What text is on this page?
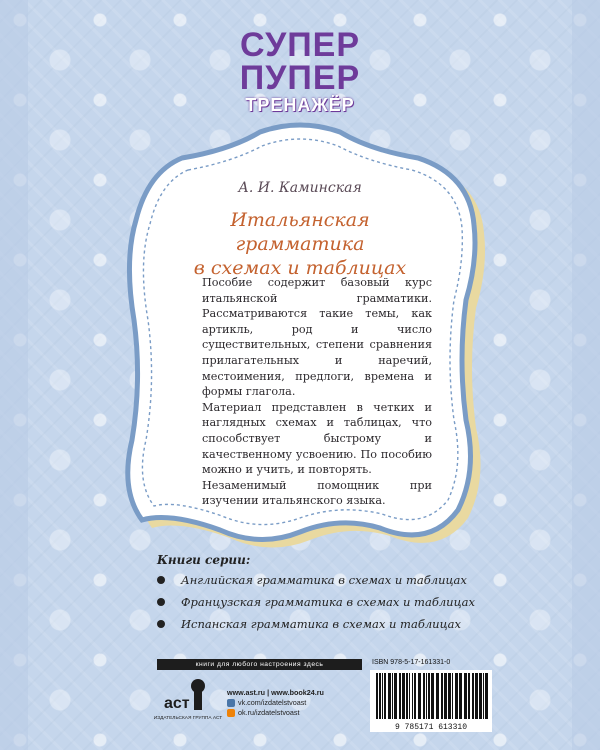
СУПЕР
ПУПЕР
ТРЕНАЖЁР
А. И. Каминская
Итальянская грамматика
в схемах и таблицах

Пособие содержит базовый курс итальянской грамматики. Рассматриваются такие темы, как артикль, род и число существительных, степени сравнения прилагательных и наречий, местоимения, предлоги, времена и формы глагола.

Материал представлен в четких и наглядных схемах и таблицах, что способствует быстрому и качественному усвоению. По пособию можно и учить, и повторять.

Незаменимый помощник при изучении итальянского языка.

Книги серии:
Английская грамматика в схемах и таблицах
Французская грамматика в схемах и таблицах
Испанская грамматика в схемах и таблицах
книги для любого настроения здесь
аст
ИЗДАТЕЛЬСКАЯ ГРУППА АСТ
www.ast.ru | www.book24.ru
vk.com/izdatelstvoast
ok.ru/izdatelstvoast
ISBN 978-5-17-161331-0
9 785171 613310
